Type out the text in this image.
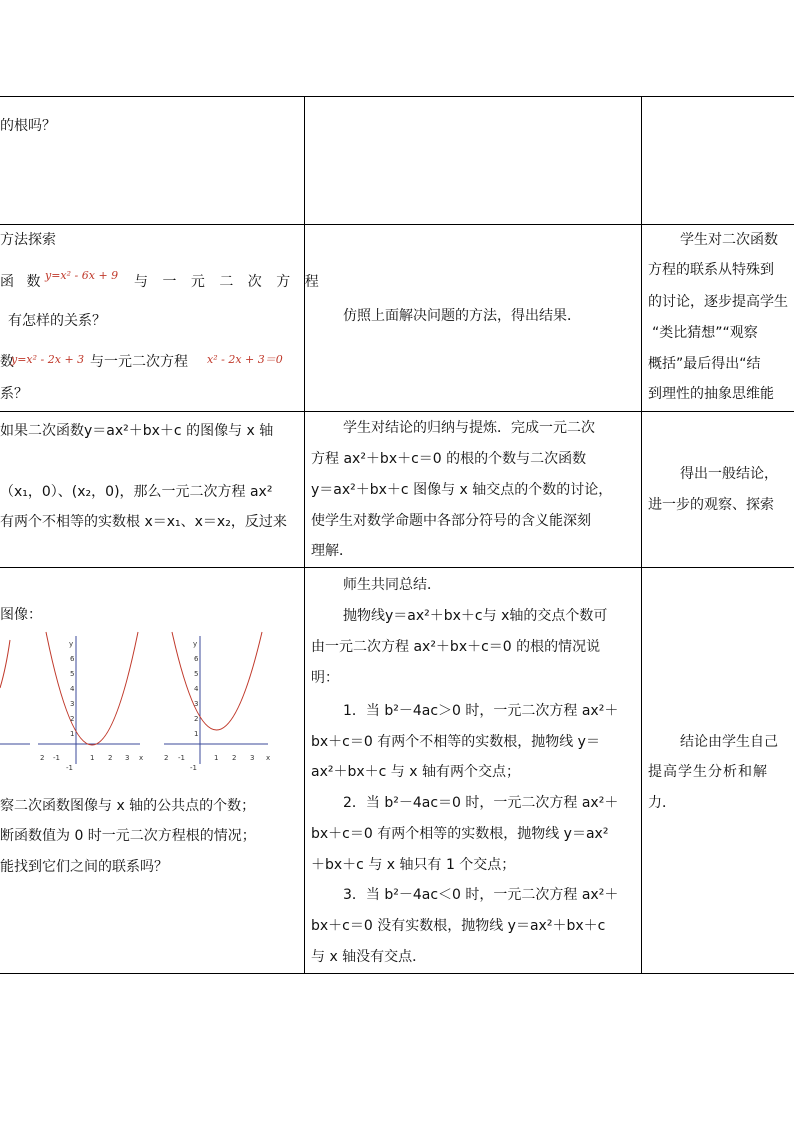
的根吗？
方法探索
函 数 y=x² - 6x + 9 与 一 元 二 次 方 程
有怎样的关系？
数
y=x² - 2x + 3 与一元二次方程 x² - 2x + 3＝0
系？
仿照上面解决问题的方法，得出结果．
学生对二次函数
方程的联系从特殊到
的讨论，逐步提高学生
“类比猜想”“观察
概括”最后得出“结
到理性的抽象思维能
如果二次函数y＝ax²＋bx＋c 的图像与 x 轴
（x₁，0）、(x₂，0)，那么一元二次方程 ax²
有两个不相等的实数根 x＝x₁、x＝x₂，反过来
学生对结论的归纳与提炼．完成一元二次
方程 ax²＋bx＋c＝0 的根的个数与二次函数
y＝ax²＋bx＋c 图像与 x 轴交点的个数的讨论，
使学生对数学命题中各部分符号的含义能深刻
理解．
得出一般结论，
进一步的观察、探索
图像：
察二次函数图像与 x 轴的公共点的个数；
断函数值为 0 时一元二次方程根的情况；
能找到它们之间的联系吗？
x
y
2 -1	1 2 3
1
2
3
4
5
6
-1
x
y
2 -1	1 2 3
1
2
3
4
5
6
-1
师生共同总结．
抛物线y＝ax²＋bx＋c与 x轴的交点个数可
由一元二次方程 ax²＋bx＋c＝0 的根的情况说
明：
1．当 b²－4ac＞0 时，一元二次方程 ax²＋
bx＋c＝0 有两个不相等的实数根，抛物线 y＝
ax²＋bx＋c 与 x 轴有两个交点；
2．当 b²－4ac＝0 时，一元二次方程 ax²＋
bx＋c＝0 有两个相等的实数根，抛物线 y＝ax²
＋bx＋c 与 x 轴只有 1 个交点；
3．当 b²－4ac＜0 时，一元二次方程 ax²＋
bx＋c＝0 没有实数根，抛物线 y＝ax²＋bx＋c
与 x 轴没有交点．
结论由学生自己
提高学生分析和解
力．
